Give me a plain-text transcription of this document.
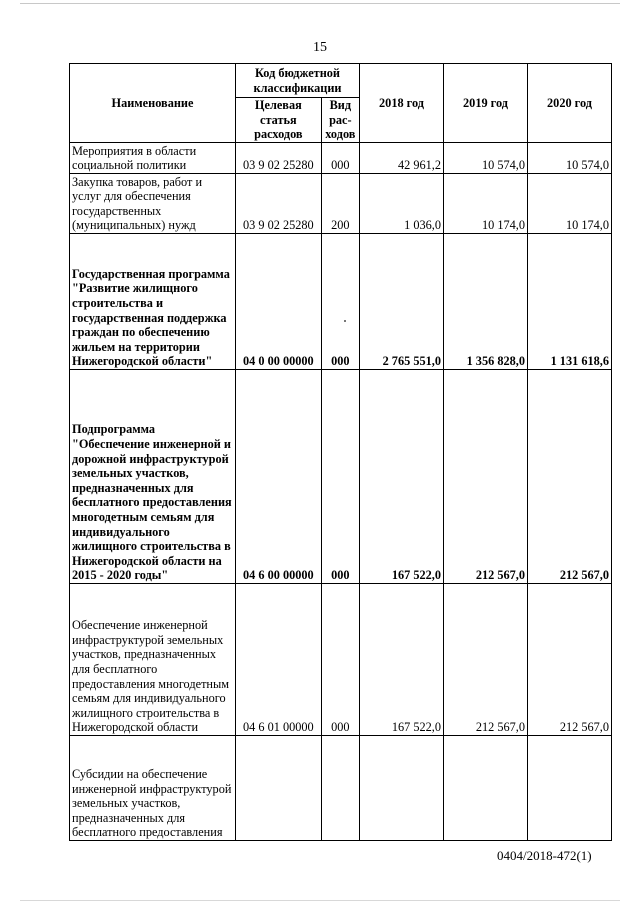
15
Наименование	Код бюджетной классификации		2018 год	2019 год	2020 год
	Целевая статья расходов	Вид рас-ходов			
Мероприятия в области социальной политики	03 9 02 25280	000	42 961,2	10 574,0	10 574,0
Закупка товаров, работ и услуг для обеспечения государственных (муниципальных) нужд	03 9 02 25280	200	1 036,0	10 174,0	10 174,0
Государственная программа "Развитие жилищного строительства и государственная поддержка граждан по обеспечению жильем на территории Нижегородской области"	04 0 00 00000	000	2 765 551,0	1 356 828,0	1 131 618,6
Подпрограмма "Обеспечение инженерной и дорожной инфраструктурой земельных участков, предназначенных для бесплатного предоставления многодетным семьям для индивидуального жилищного строительства в Нижегородской области на 2015 - 2020 годы"	04 6 00 00000	000	167 522,0	212 567,0	212 567,0
Обеспечение инженерной инфраструктурой земельных участков, предназначенных для бесплатного предоставления многодетным семьям для индивидуального жилищного строительства в Нижегородской области	04 6 01 00000	000	167 522,0	212 567,0	212 567,0
Субсидии на обеспечение инженерной инфраструктурой земельных участков, предназначенных для бесплатного предоставления					
0404/2018-472(1)
